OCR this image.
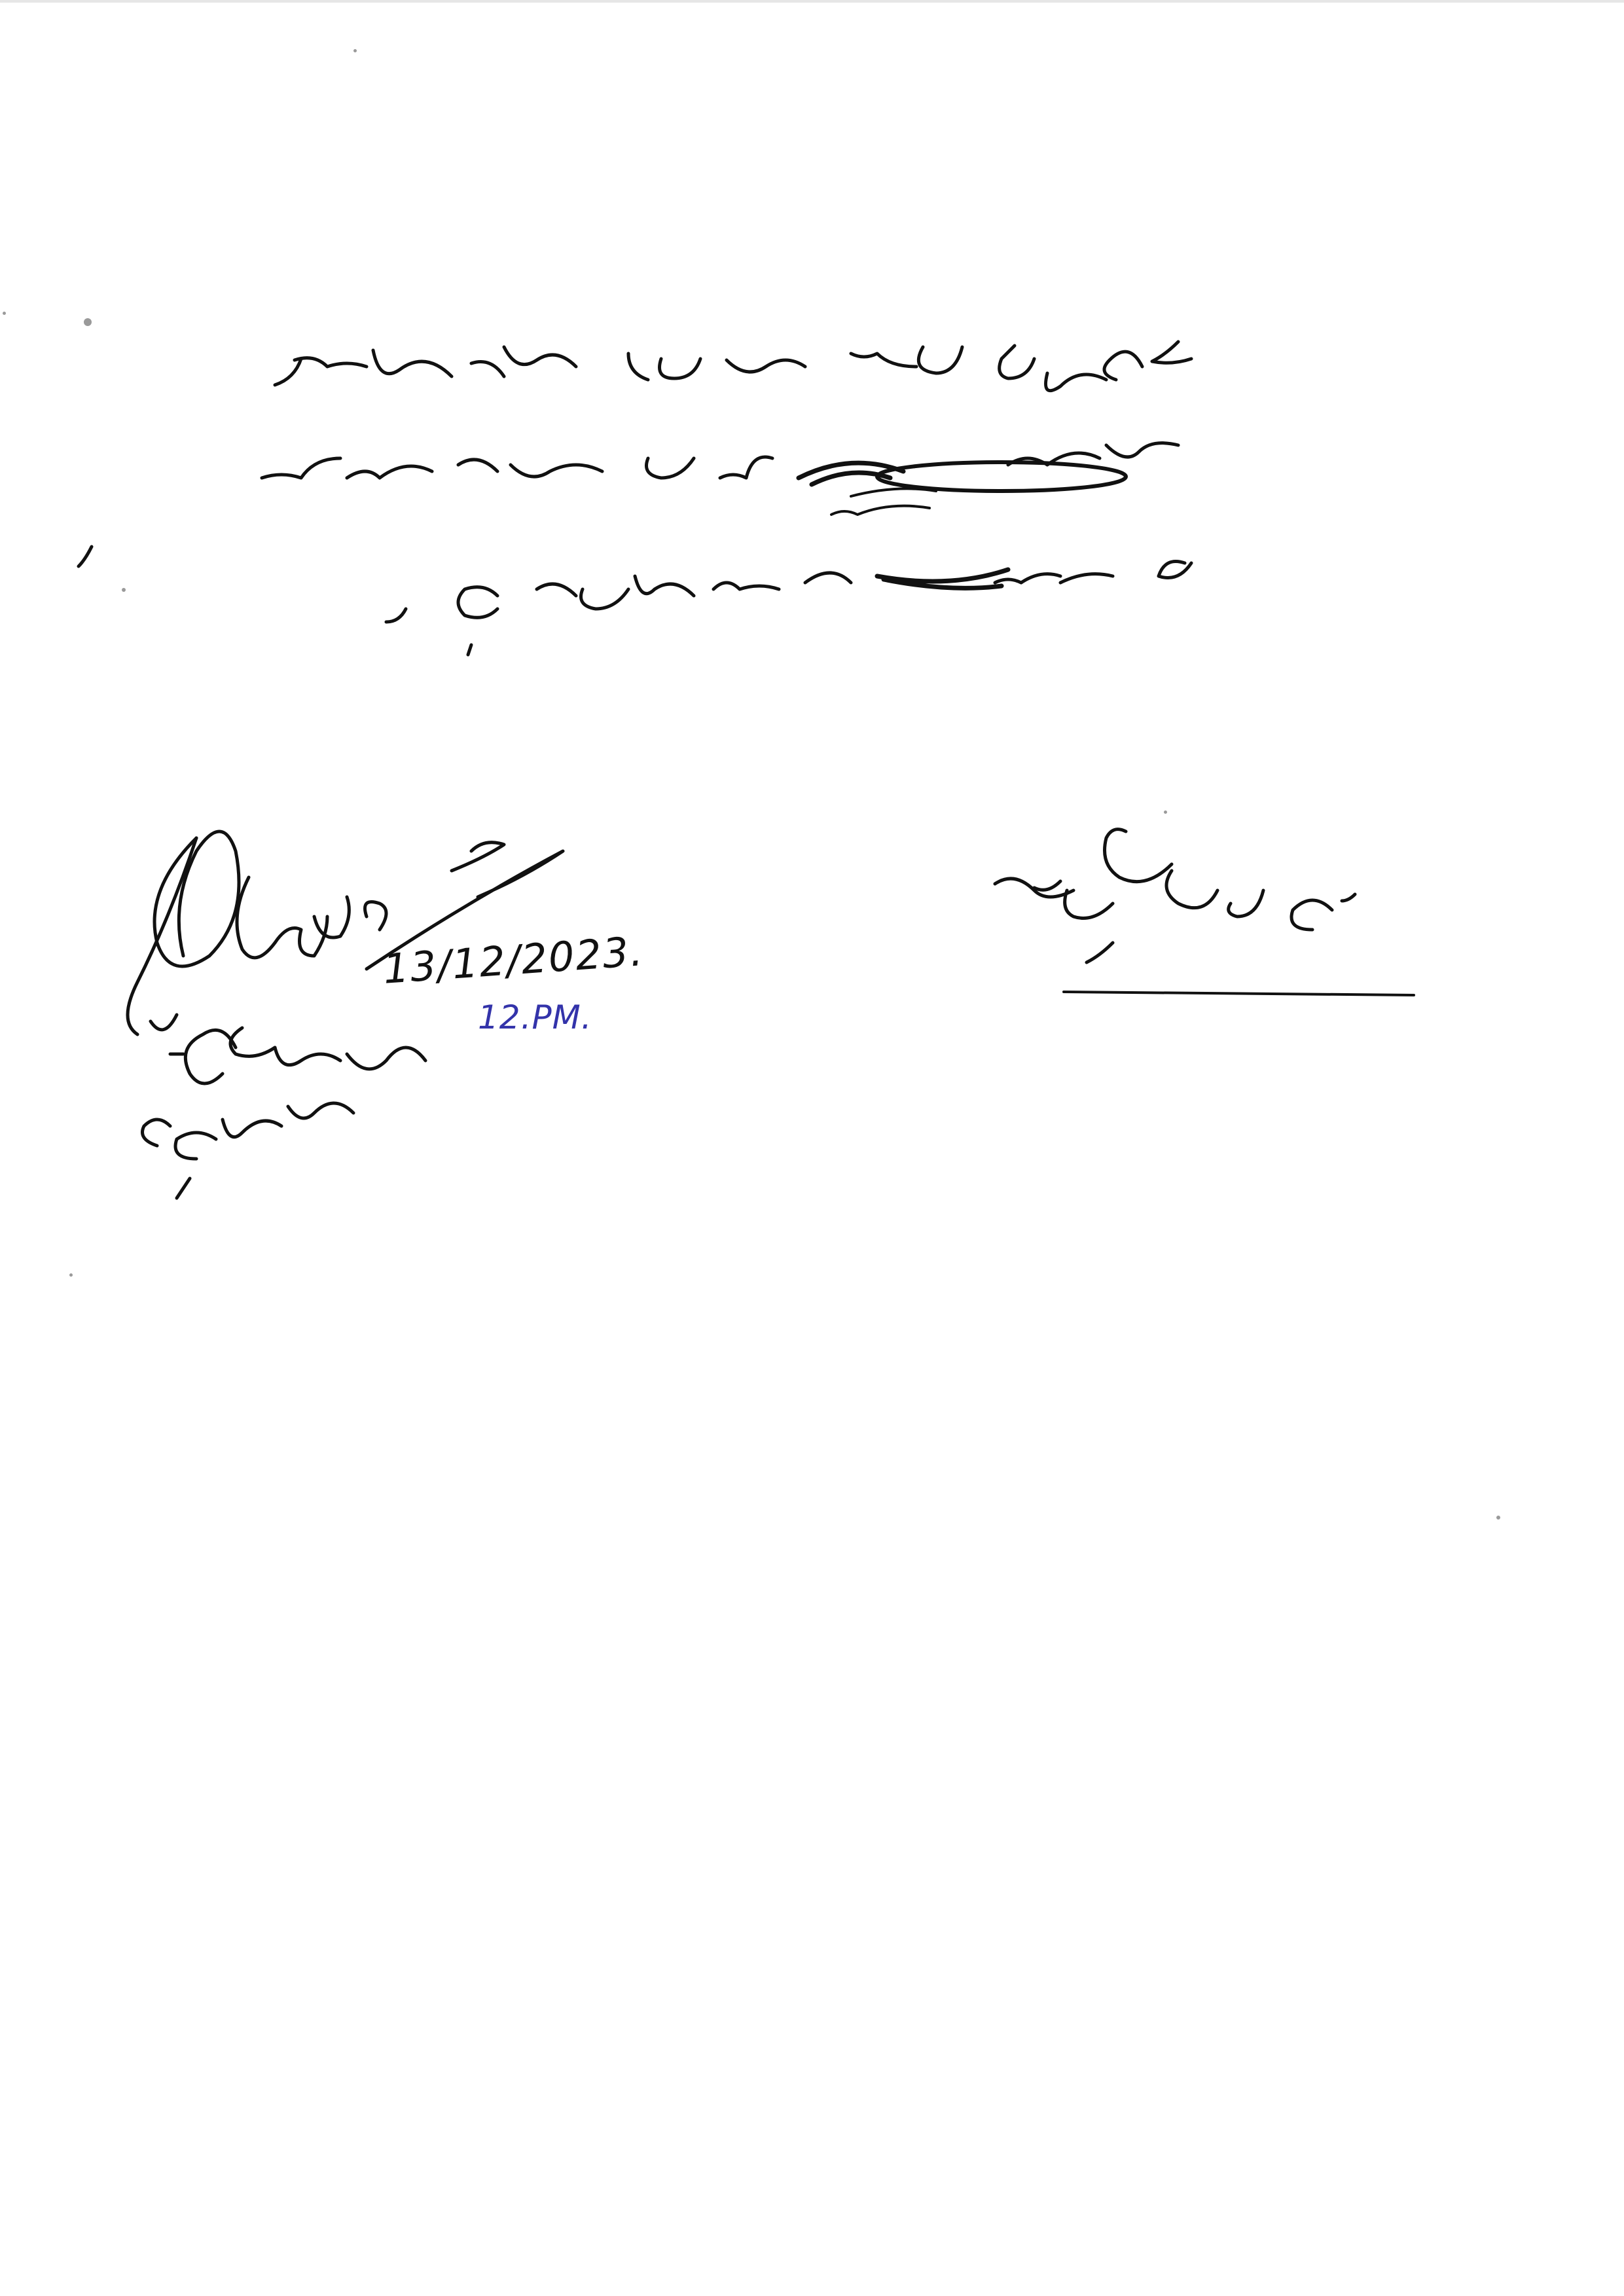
13/12/2023.
12.PM.
